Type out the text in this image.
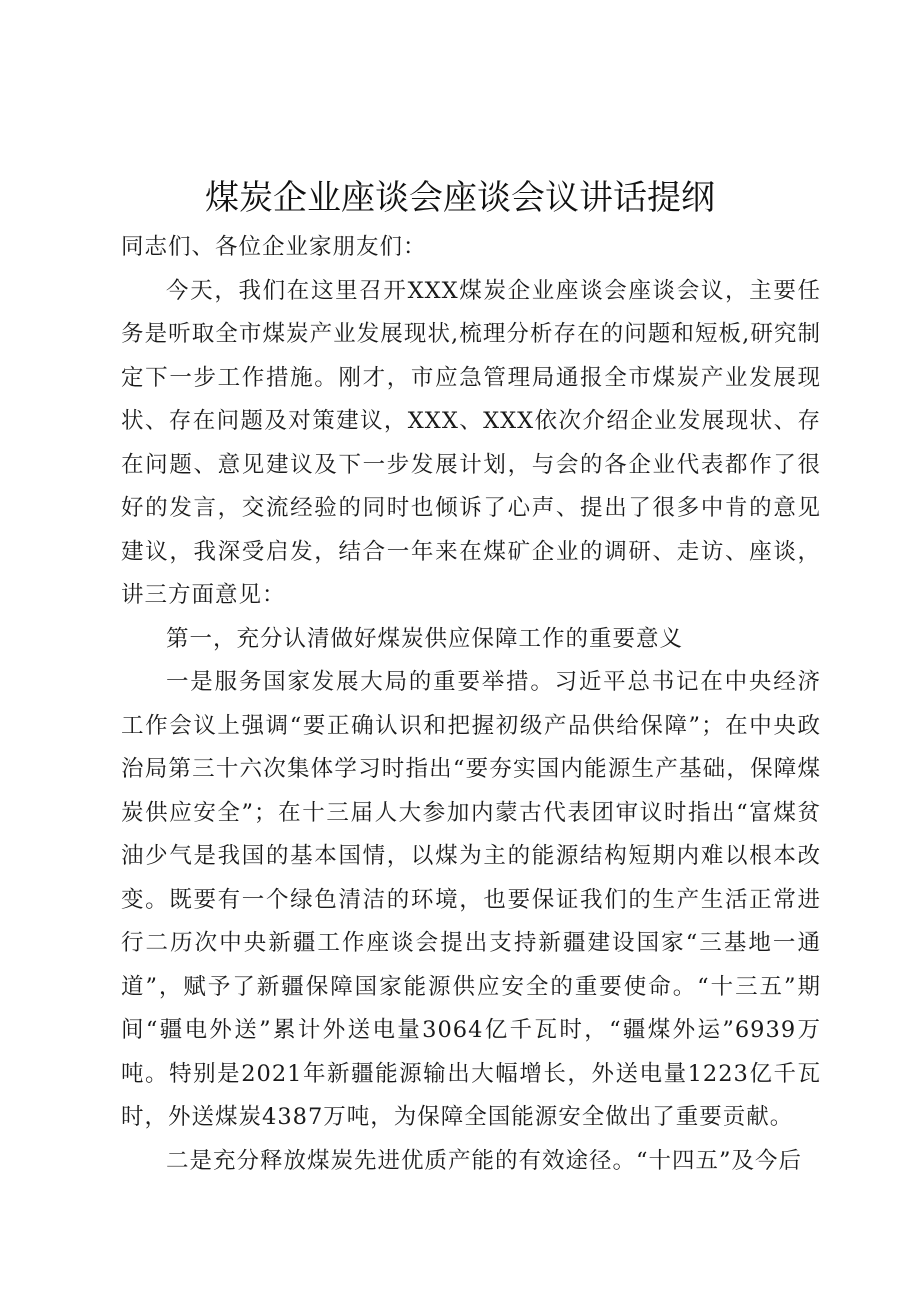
煤炭企业座谈会座谈会议讲话提纲

同志们、各位企业家朋友们：

今天，我们在这里召开XXX煤炭企业座谈会座谈会议，主要任务是听取全市煤炭产业发展现状,梳理分析存在的问题和短板,研究制定下一步工作措施。刚才，市应急管理局通报全市煤炭产业发展现状、存在问题及对策建议，XXX、XXX依次介绍企业发展现状、存在问题、意见建议及下一步发展计划，与会的各企业代表都作了很好的发言，交流经验的同时也倾诉了心声、提出了很多中肯的意见建议，我深受启发，结合一年来在煤矿企业的调研、走访、座谈，讲三方面意见：

第一，充分认清做好煤炭供应保障工作的重要意义

一是服务国家发展大局的重要举措。习近平总书记在中央经济工作会议上强调“要正确认识和把握初级产品供给保障”；在中央政治局第三十六次集体学习时指出“要夯实国内能源生产基础，保障煤炭供应安全”；在十三届人大参加内蒙古代表团审议时指出“富煤贫油少气是我国的基本国情，以煤为主的能源结构短期内难以根本改变。既要有一个绿色清洁的环境，也要保证我们的生产生活正常进行二历次中央新疆工作座谈会提出支持新疆建设国家“三基地一通道”，赋予了新疆保障国家能源供应安全的重要使命。“十三五”期间“疆电外送”累计外送电量3064亿千瓦时，“疆煤外运”6939万吨。特别是2021年新疆能源输出大幅增长，外送电量1223亿千瓦时，外送煤炭4387万吨，为保障全国能源安全做出了重要贡献。

二是充分释放煤炭先进优质产能的有效途径。“十四五”及今后
